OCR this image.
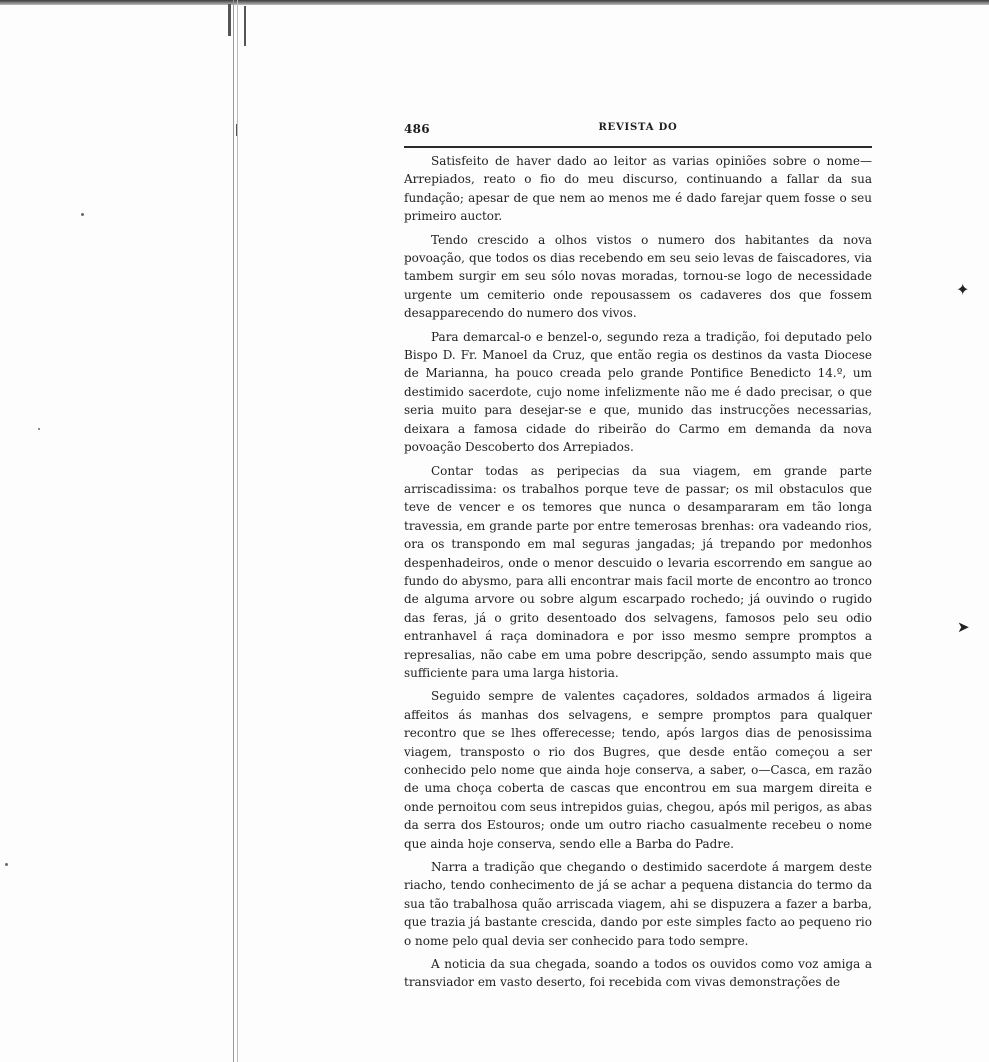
✦
➤
486	REVISTA DO

Satisfeito de haver dado ao leitor as varias opiniões sobre o nome—Arrepiados, reato o fio do meu discurso, continuando a fallar da sua fundação; apesar de que nem ao menos me é dado farejar quem fosse o seu primeiro auctor.

Tendo crescido a olhos vistos o numero dos habitantes da nova povoação, que todos os dias recebendo em seu seio levas de faiscadores, via tambem surgir em seu sólo novas moradas, tornou-se logo de necessidade urgente um cemiterio onde repousassem os cadaveres dos que fossem desapparecendo do numero dos vivos.

Para demarcal-o e benzel-o, segundo reza a tradição, foi deputado pelo Bispo D. Fr. Manoel da Cruz, que então regia os destinos da vasta Diocese de Marianna, ha pouco creada pelo grande Pontifice Benedicto 14.º, um destimido sacerdote, cujo nome infelizmente não me é dado precisar, o que seria muito para desejar-se e que, munido das instrucções necessarias, deixara a famosa cidade do ribeirão do Carmo em demanda da nova povoação Descoberto dos Arrepiados.

Contar todas as peripecias da sua viagem, em grande parte arriscadissima: os trabalhos porque teve de passar; os mil obstaculos que teve de vencer e os temores que nunca o desampararam em tão longa travessia, em grande parte por entre temerosas brenhas: ora vadeando rios, ora os transpondo em mal seguras jangadas; já trepando por medonhos despenhadeiros, onde o menor descuido o levaria escorrendo em sangue ao fundo do abysmo, para alli encontrar mais facil morte de encontro ao tronco de alguma arvore ou sobre algum escarpado rochedo; já ouvindo o rugido das feras, já o grito desentoado dos selvagens, famosos pelo seu odio entranhavel á raça dominadora e por isso mesmo sempre promptos a represalias, não cabe em uma pobre descripção, sendo assumpto mais que sufficiente para uma larga historia.

Seguido sempre de valentes caçadores, soldados armados á ligeira affeitos ás manhas dos selvagens, e sempre promptos para qualquer recontro que se lhes offerecesse; tendo, após largos dias de penosissima viagem, transposto o rio dos Bugres, que desde então começou a ser conhecido pelo nome que ainda hoje conserva, a saber, o—Casca, em razão de uma choça coberta de cascas que encontrou em sua margem direita e onde pernoitou com seus intrepidos guias, chegou, após mil perigos, as abas da serra dos Estouros; onde um outro riacho casualmente recebeu o nome que ainda hoje conserva, sendo elle a Barba do Padre.

Narra a tradição que chegando o destimido sacerdote á margem deste riacho, tendo conhecimento de já se achar a pequena distancia do termo da sua tão trabalhosa quão arriscada viagem, ahi se dispuzera a fazer a barba, que trazia já bastante crescida, dando por este simples facto ao pequeno rio o nome pelo qual devia ser conhecido para todo sempre.

A noticia da sua chegada, soando a todos os ouvidos como voz amiga a transviador em vasto deserto, foi recebida com vivas demonstrações de
